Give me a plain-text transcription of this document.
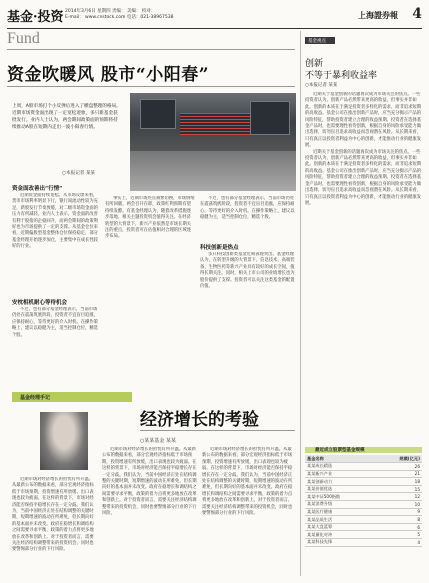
基金·投资 2014年3月6日 星期四 责编： 美编： 校对：
E-mail： www.cnstock.com 电话：021-38967538	上海證券報 4
Fund
资金吹暖风 股市“小阳春”
上周，A股市场打个小反弹后进入了横盘整理的格局。近期市场资金面出现了一定宽松迹象，多只新基金获批发行。业内人士认为，两会期间政策面的预期将持续推动A股在短期内走出一波小阳春行情。
○本报记者 某某
资金面改善出“行情”

近期资金面持续宽松。从市场反馈来看，货币市场利率明显下行，银行间流动性较为充足，新股发行节奏放缓，对二级市场资金面的压力有所减轻。业内人士表示，资金面的改善有利于股指的企稳回升，而两会期间的政策利好也为市场提供了一定的支撑。从基金仓位来看，近期偏股型基金整体仓位保持稳定，部分基金经理开始逐步加仓，主要集中在成长性较好的行业。

安枕相机耐心等待机会

不过，也有部分基金经理表示，当前市场仍处在震荡筑底阶段，投资者不宜盲目追涨，应保持耐心，等待更好的介入时机。在操作策略上，建议以稳健为主，适当控制仓位，精选个股。

事实上，近期市场热点频繁切换，市场情绪有所回暖。两会召开在即，政策红利预期有望持续发酵。有基金经理认为，随着改革措施逐步落地，相关主题投资机会值得关注。在经济转型的大背景下，新兴产业依然是市场长期关注的重点，投资者可在估值相对合理的区域逐步布局。

不过，也有部分基金经理表示，当前市场仍处在震荡筑底阶段，投资者不宜盲目追涨，应保持耐心，等待更好的介入时机。在操作策略上，建议以稳健为主，适当控制仓位，精选个股。

科技创新是热点

多只科技创新类基金近期表现突出。基金经理认为，在转型升级的大背景下，信息技术、高端装备、生物医药等新兴产业具有较好的成长空间，值得长期关注。同时，相关上市公司的业绩增长也为股价提供了支撑。投资者可以关注这类基金的配置价值。

基金经理手记
经济增长的考验
○某某基金 某某

近期市场对经济增长的担忧有所升温。从最新公布的数据来看，部分宏观经济指标低于市场预期，投资增速有所放缓，出口表现也较为疲弱。在这样的背景下，市场对经济能否保持平稳增长存在一定分歧。我们认为，当前中国经济正处在结构调整的关键时期，短期增速的波动在所难免，但长期向好的基本面并未改变。政府在稳增长和调结构之间需要寻求平衡，政策的着力点将更多地放在改革和创新上。对于投资者而言，需要关注经济结构调整带来的投资机会，同时也要警惕部分行业的下行风险。

近期市场对经济增长的担忧有所升温。从最新公布的数据来看，部分宏观经济指标低于市场预期，投资增速有所放缓，出口表现也较为疲弱。在这样的背景下，市场对经济能否保持平稳增长存在一定分歧。我们认为，当前中国经济正处在结构调整的关键时期，短期增速的波动在所难免，但长期向好的基本面并未改变。政府在稳增长和调结构之间需要寻求平衡，政策的着力点将更多地放在改革和创新上。对于投资者而言，需要关注经济结构调整带来的投资机会，同时也要警惕部分行业的下行风险。

近期市场对经济增长的担忧有所升温。从最新公布的数据来看，部分宏观经济指标低于市场预期，投资增速有所放缓，出口表现也较为疲弱。在这样的背景下，市场对经济能否保持平稳增长存在一定分歧。我们认为，当前中国经济正处在结构调整的关键时期，短期增速的波动在所难免，但长期向好的基本面并未改变。政府在稳增长和调结构之间需要寻求平衡，政策的着力点将更多地放在改革和创新上。对于投资者而言，需要关注经济结构调整带来的投资机会，同时也要警惕部分行业的下行风险。

基金视点
创新
不等于暴利收益率
○本报记者 某某

近期关于基金创新的话题再次成为市场关注的焦点。一些投资者认为，创新产品必然带来更高的收益，但事实并非如此。创新的本质在于满足投资者多样化的需求，而非追求短期的高收益。基金公司在推出创新产品时，应当充分揭示产品的风险特征，帮助投资者建立合理的收益预期。投资者在选择基金产品时，也需要理性看待创新，根据自身的风险承受能力做出选择，切勿盲目追求高收益而忽视潜在风险。从长期来看，只有真正以投资者利益为中心的创新，才能推动行业的健康发展。

近期关于基金创新的话题再次成为市场关注的焦点。一些投资者认为，创新产品必然带来更高的收益，但事实并非如此。创新的本质在于满足投资者多样化的需求，而非追求短期的高收益。基金公司在推出创新产品时，应当充分揭示产品的风险特征，帮助投资者建立合理的收益预期。投资者在选择基金产品时，也需要理性看待创新，根据自身的风险承受能力做出选择，切勿盲目追求高收益而忽视潜在风险。从长期来看，只有真正以投资者利益为中心的创新，才能推动行业的健康发展。

最近成立股票型基金规模
基金名称	规模(亿元)
某某成长精选	26
某某新兴产业	21
某某创新动力	18
某某价值优选	15
某某中证500指数	12
某某消费升级	10
某某医疗健康	9
某某品质生活	8
某某大盘蓝筹	6
某某量化对冲	5
某某科技先锋	4
